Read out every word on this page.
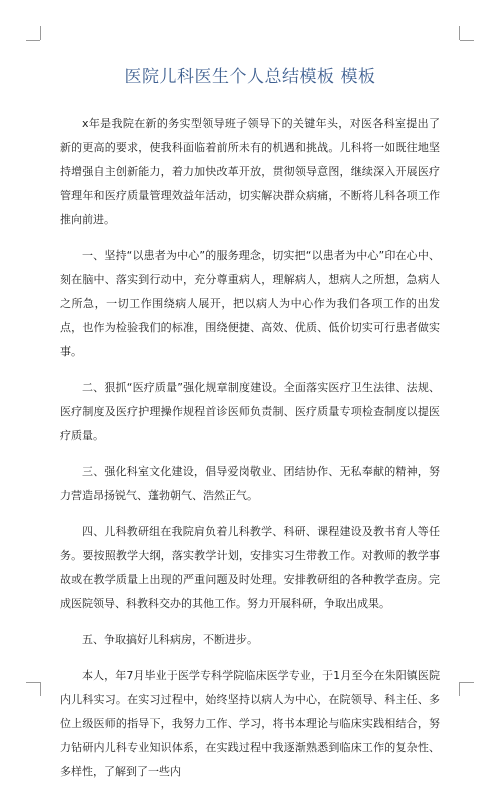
医院儿科医生个人总结模板 模板

x年是我院在新的务实型领导班子领导下的关键年头，对医各科室提出了新的更高的要求，使我科面临着前所未有的机遇和挑战。儿科将一如既往地坚持增强自主创新能力，着力加快改革开放，贯彻领导意图，继续深入开展医疗管理年和医疗质量管理效益年活动，切实解决群众病痛，不断将儿科各项工作推向前进。

一、坚持“以患者为中心”的服务理念，切实把“以患者为中心”印在心中、刻在脑中、落实到行动中，充分尊重病人，理解病人，想病人之所想，急病人之所急，一切工作围绕病人展开，把以病人为中心作为我们各项工作的出发点，也作为检验我们的标准，围绕便捷、高效、优质、低价切实可行患者做实事。

二、狠抓“医疗质量”强化规章制度建设。全面落实医疗卫生法律、法规、医疗制度及医疗护理操作规程首诊医师负责制、医疗质量专项检查制度以提医疗质量。

三、强化科室文化建设，倡导爱岗敬业、团结协作、无私奉献的精神，努力营造昂扬锐气、蓬勃朝气、浩然正气。

四、儿科教研组在我院肩负着儿科教学、科研、课程建设及教书育人等任务。要按照教学大纲，落实教学计划，安排实习生带教工作。对教师的教学事故或在教学质量上出现的严重问题及时处理。安排教研组的各种教学查房。完成医院领导、科教科交办的其他工作。努力开展科研，争取出成果。

五、争取搞好儿科病房，不断进步。

本人，年7月毕业于医学专科学院临床医学专业，于1月至今在朱阳镇医院内儿科实习。在实习过程中，始终坚持以病人为中心，在院领导、科主任、多位上级医师的指导下，我努力工作、学习，将书本理论与临床实践相结合，努力钻研内儿科专业知识体系，在实践过程中我逐渐熟悉到临床工作的复杂性、多样性，了解到了一些内
